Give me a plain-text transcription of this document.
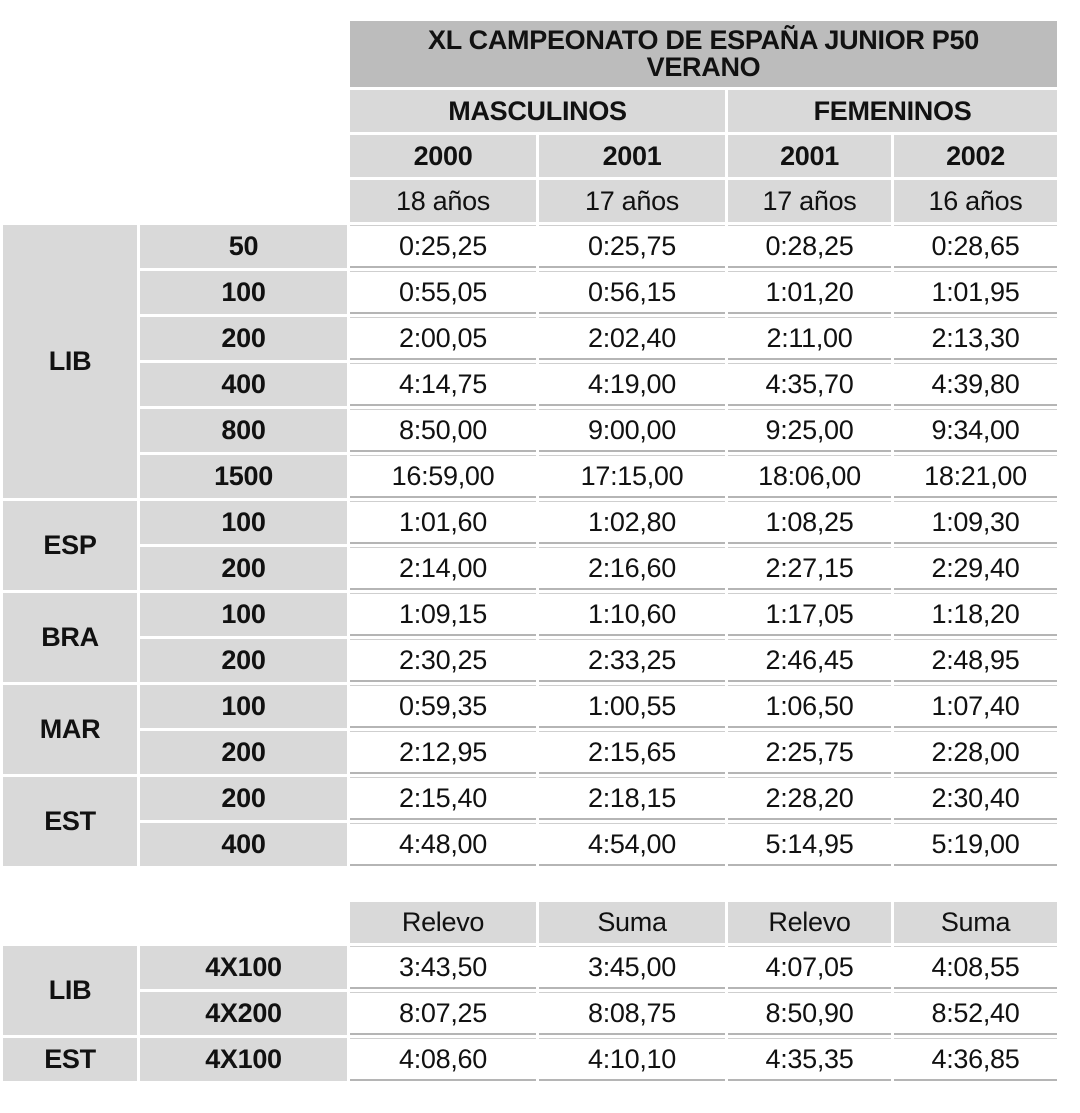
		XL CAMPEONATO DE ESPAÑA JUNIOR P50
VERANO			

		MASCULINOS		FEMENINOS	
		2000	2001	2001	2002
		18 años	17 años	17 años	16 años
LIB	50	0:25,25	0:25,75	0:28,25	0:28,65
	100	0:55,05	0:56,15	1:01,20	1:01,95
	200	2:00,05	2:02,40	2:11,00	2:13,30
	400	4:14,75	4:19,00	4:35,70	4:39,80
	800	8:50,00	9:00,00	9:25,00	9:34,00
	1500	16:59,00	17:15,00	18:06,00	18:21,00
ESP	100	1:01,60	1:02,80	1:08,25	1:09,30
	200	2:14,00	2:16,60	2:27,15	2:29,40
BRA	100	1:09,15	1:10,60	1:17,05	1:18,20
	200	2:30,25	2:33,25	2:46,45	2:48,95
MAR	100	0:59,35	1:00,55	1:06,50	1:07,40
	200	2:12,95	2:15,65	2:25,75	2:28,00
EST	200	2:15,40	2:18,15	2:28,20	2:30,40
	400	4:48,00	4:54,00	5:14,95	5:19,00

		Relevo	Suma	Relevo	Suma
LIB	4X100	3:43,50	3:45,00	4:07,05	4:08,55
	4X200	8:07,25	8:08,75	8:50,90	8:52,40
EST	4X100	4:08,60	4:10,10	4:35,35	4:36,85
